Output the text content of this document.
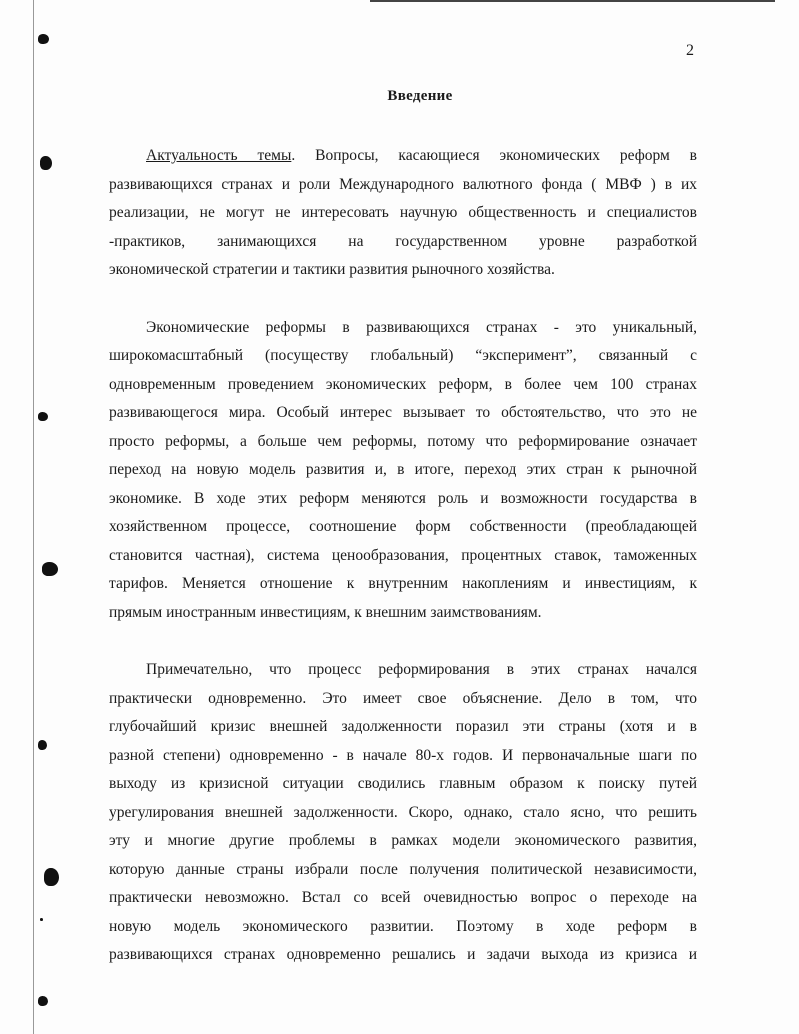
2
Введение
Актуальность темы. Вопросы, касающиеся экономических реформ в
развивающихся странах и роли Международного валютного фонда ( МВФ ) в их
реализации, не могут не интересовать научную общественность и специалистов
-практиков, занимающихся на государственном уровне разработкой
экономической стратегии и тактики развития рыночного хозяйства.
Экономические реформы в развивающихся странах - это уникальный,
широкомасштабный (посуществу глобальный) “эксперимент”, связанный с
одновременным проведением экономических реформ, в более чем 100 странах
развивающегося мира. Особый интерес вызывает то обстоятельство, что это не
просто реформы, а больше чем реформы, потому что реформирование означает
переход на новую модель развития и, в итоге, переход этих стран к рыночной
экономике. В ходе этих реформ меняются роль и возможности государства в
хозяйственном процессе, соотношение форм собственности (преобладающей
становится частная), система ценообразования, процентных ставок, таможенных
тарифов. Меняется отношение к внутренним накоплениям и инвестициям, к
прямым иностранным инвестициям, к внешним заимствованиям.
Примечательно, что процесс реформирования в этих странах начался
практически одновременно. Это имеет свое объяснение. Дело в том, что
глубочайший кризис внешней задолженности поразил эти страны (хотя и в
разной степени) одновременно - в начале 80-х годов. И первоначальные шаги по
выходу из кризисной ситуации сводились главным образом к поиску путей
урегулирования внешней задолженности. Скоро, однако, стало ясно, что решить
эту и многие другие проблемы в рамках модели экономического развития,
которую данные страны избрали после получения политической независимости,
практически невозможно. Встал со всей очевидностью вопрос о переходе на
новую модель экономического развитии. Поэтому в ходе реформ в
развивающихся странах одновременно решались и задачи выхода из кризиса и
